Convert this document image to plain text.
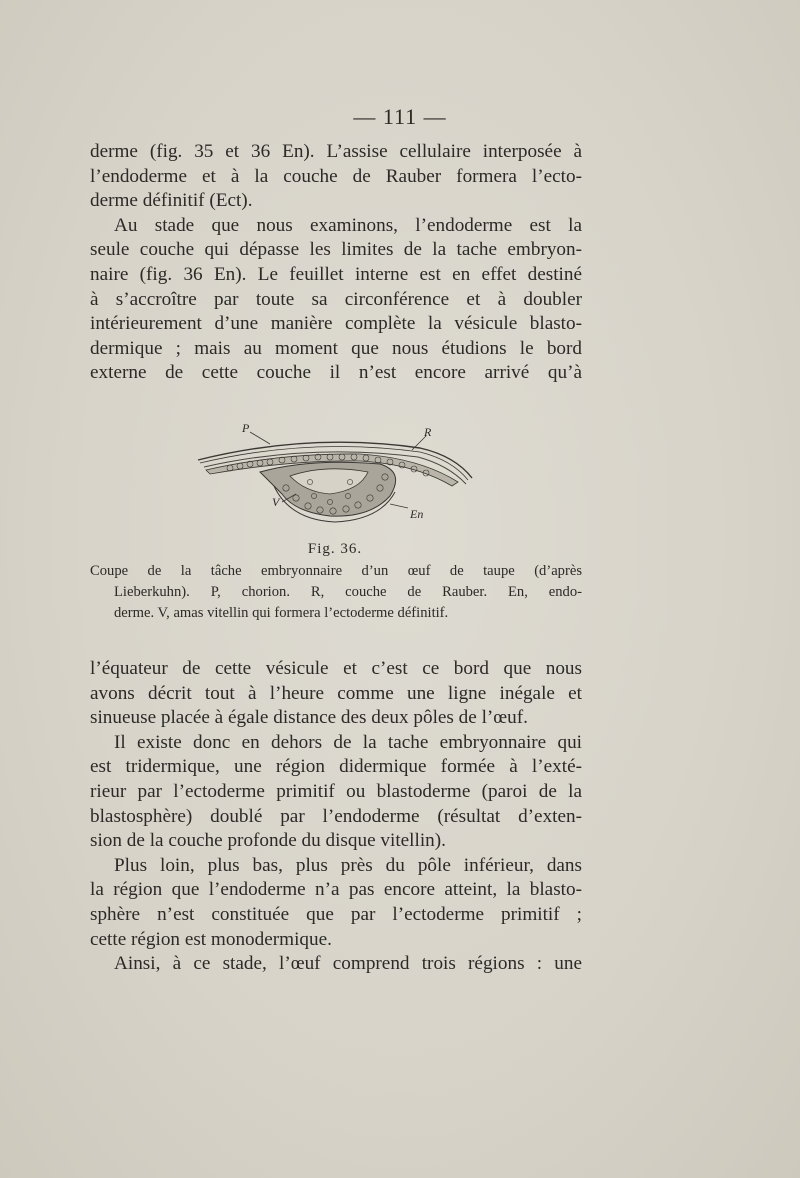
— 111 —
derme (fig. 35 et 36 En). L’assise cellulaire interposée à
l’endoderme et à la couche de Rauber formera l’ecto-
derme définitif (Ect).
Au stade que nous examinons, l’endoderme est la
seule couche qui dépasse les limites de la tache embryon-
naire (fig. 36 En). Le feuillet interne est en effet destiné
à s’accroître par toute sa circonférence et à doubler
intérieurement d’une manière complète la vésicule blasto-
dermique ; mais au moment que nous étudions le bord
externe de cette couche il n’est encore arrivé qu’à
P	R
V
En
Fig. 36.
Coupe de la tâche embryonnaire d’un œuf de taupe (d’après
Lieberkuhn). P, chorion. R, couche de Rauber. En, endo-
derme. V, amas vitellin qui formera l’ectoderme définitif.
l’équateur de cette vésicule et c’est ce bord que nous
avons décrit tout à l’heure comme une ligne inégale et
sinueuse placée à égale distance des deux pôles de l’œuf.
Il existe donc en dehors de la tache embryonnaire qui
est tridermique, une région didermique formée à l’exté-
rieur par l’ectoderme primitif ou blastoderme (paroi de la
blastosphère) doublé par l’endoderme (résultat d’exten-
sion de la couche profonde du disque vitellin).
Plus loin, plus bas, plus près du pôle inférieur, dans
la région que l’endoderme n’a pas encore atteint, la blasto-
sphère n’est constituée que par l’ectoderme primitif ;
cette région est monodermique.
Ainsi, à ce stade, l’œuf comprend trois régions : une
